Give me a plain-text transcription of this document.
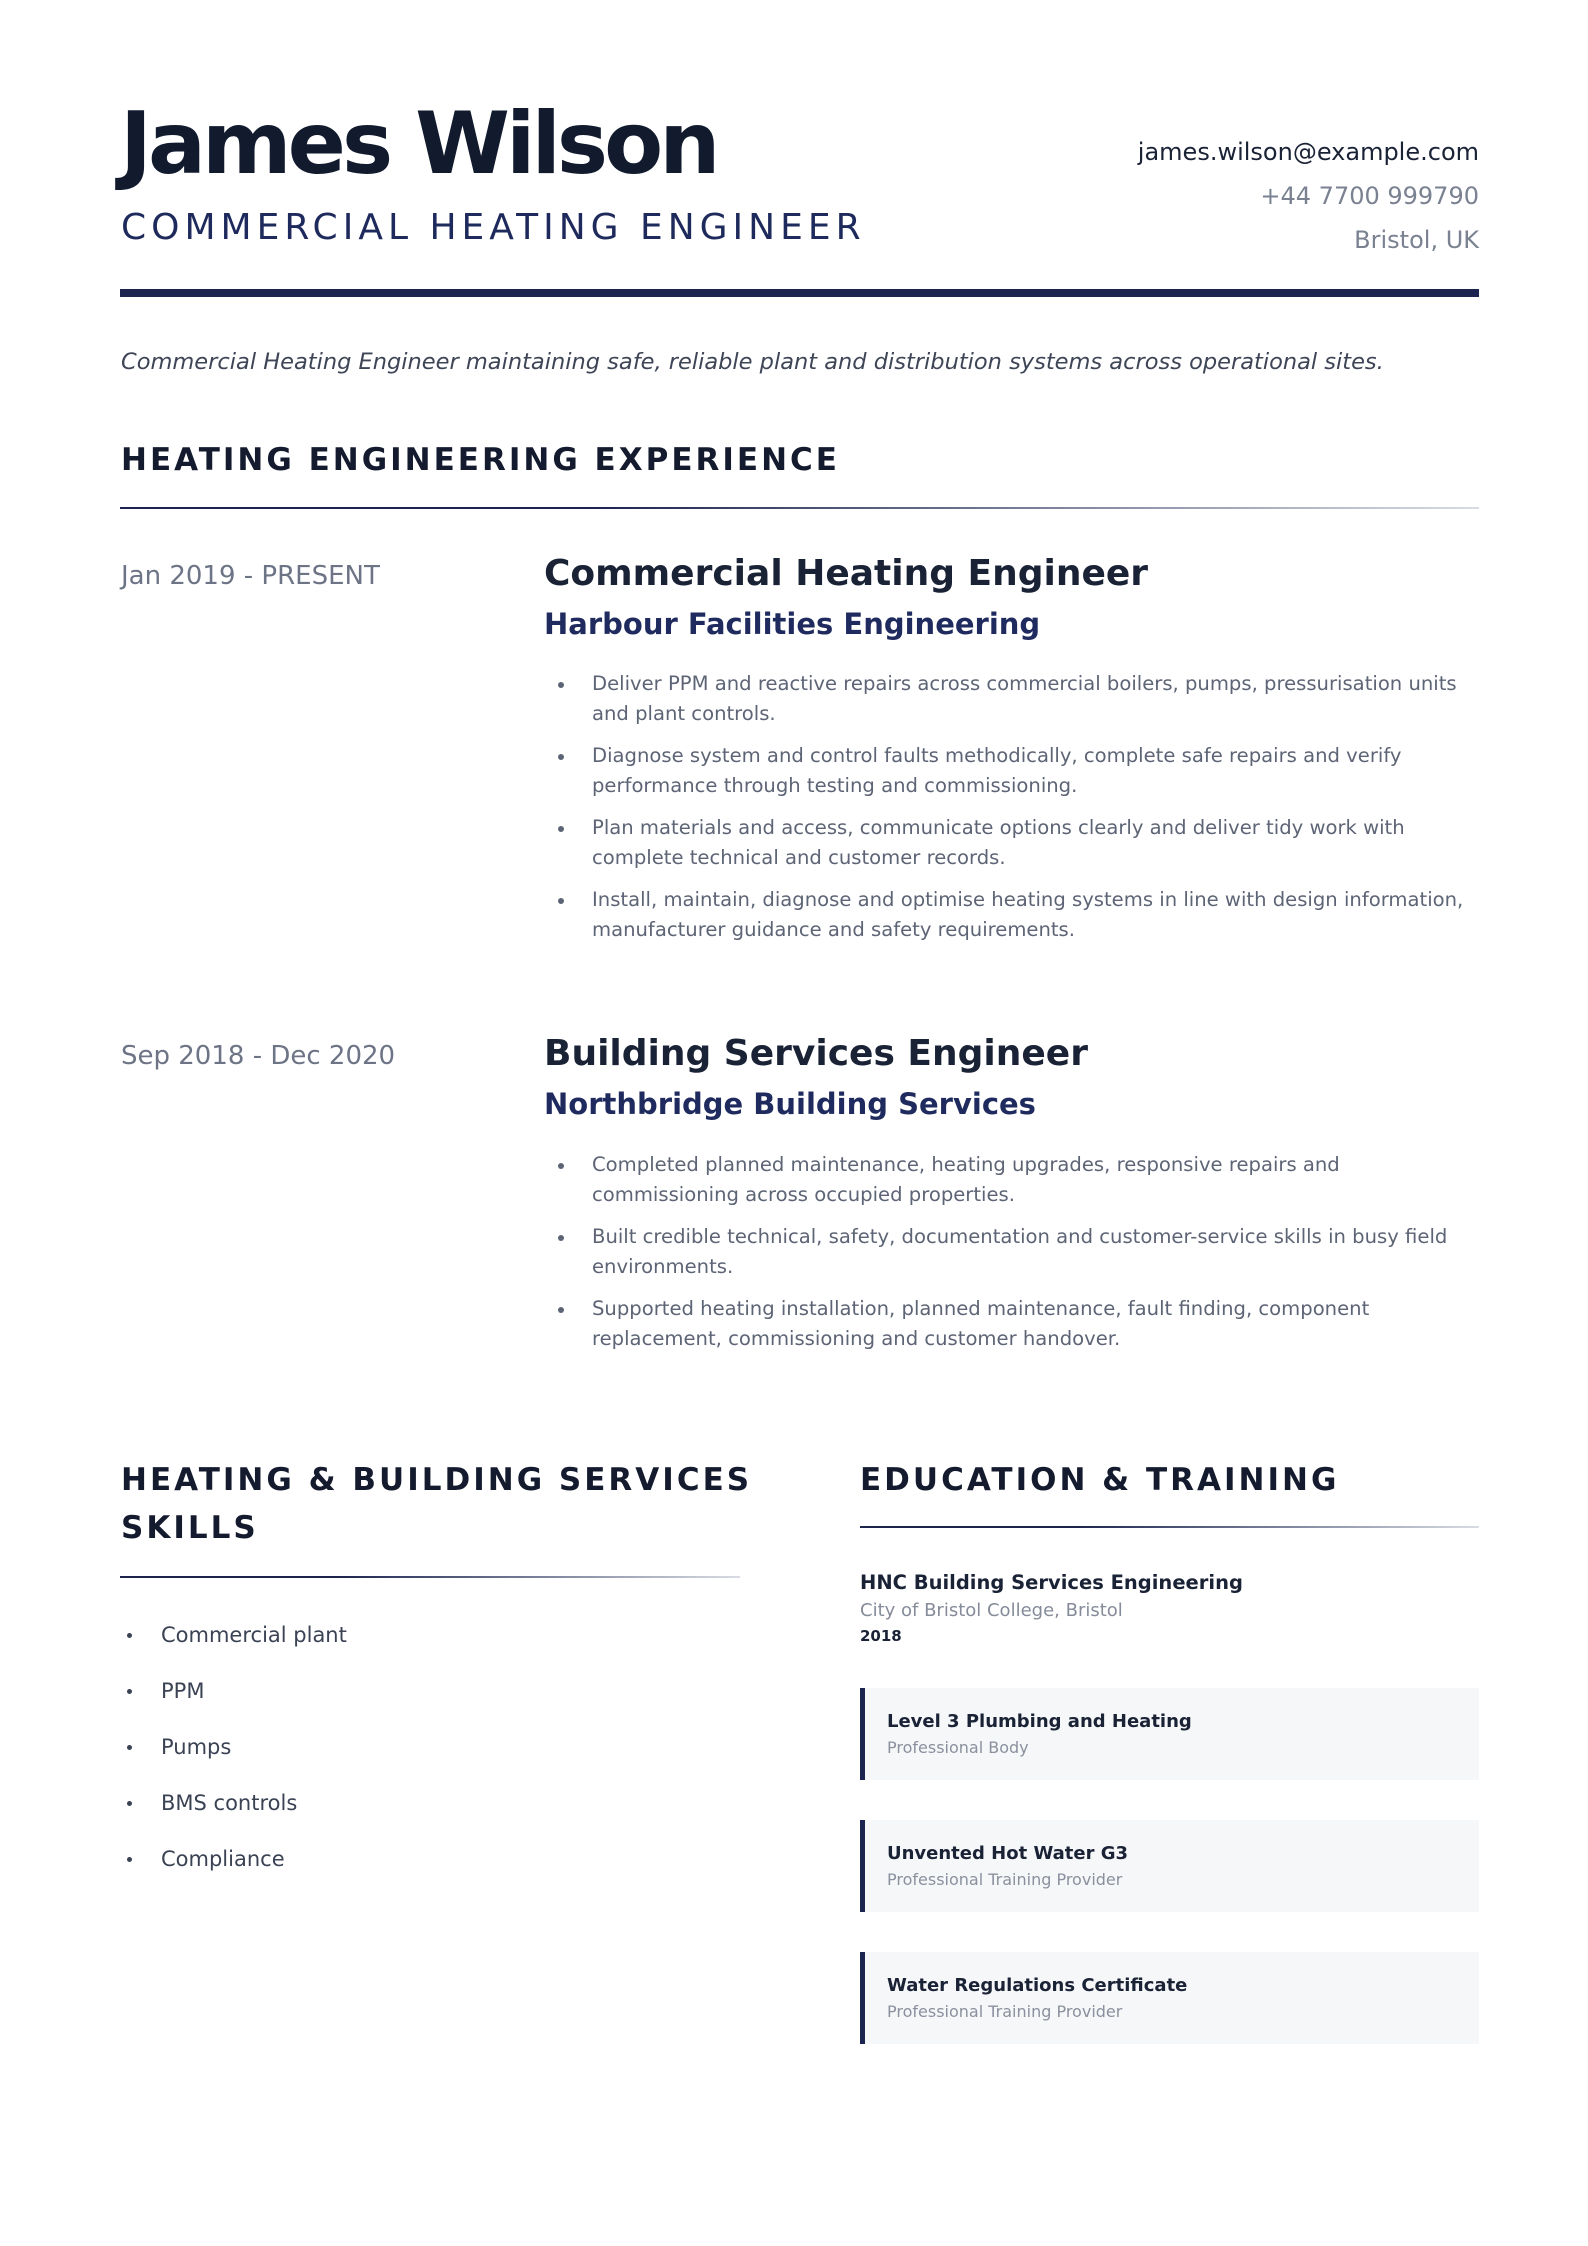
James Wilson
COMMERCIAL HEATING ENGINEER
james.wilson@example.com
+44 7700 999790
Bristol, UK
Commercial Heating Engineer maintaining safe, reliable plant and distribution systems across operational sites.
HEATING ENGINEERING EXPERIENCE
Jan 2019 - PRESENT	Commercial Heating Engineer
Harbour Facilities Engineering
Deliver PPM and reactive repairs across commercial boilers, pumps, pressurisation units and plant controls.
Diagnose system and control faults methodically, complete safe repairs and verify performance through testing and commissioning.
Plan materials and access, communicate options clearly and deliver tidy work with complete technical and customer records.
Install, maintain, diagnose and optimise heating systems in line with design information, manufacturer guidance and safety requirements.
Sep 2018 - Dec 2020	Building Services Engineer
Northbridge Building Services
Completed planned maintenance, heating upgrades, responsive repairs and commissioning across occupied properties.
Built credible technical, safety, documentation and customer-service skills in busy field environments.
Supported heating installation, planned maintenance, fault finding, component replacement, commissioning and customer handover.
HEATING & BUILDING SERVICES
SKILLS
Commercial plant
PPM
Pumps
BMS controls
Compliance
EDUCATION & TRAINING
HNC Building Services Engineering
City of Bristol College, Bristol
2018
Level 3 Plumbing and Heating
Professional Body
Unvented Hot Water G3
Professional Training Provider
Water Regulations Certificate
Professional Training Provider
